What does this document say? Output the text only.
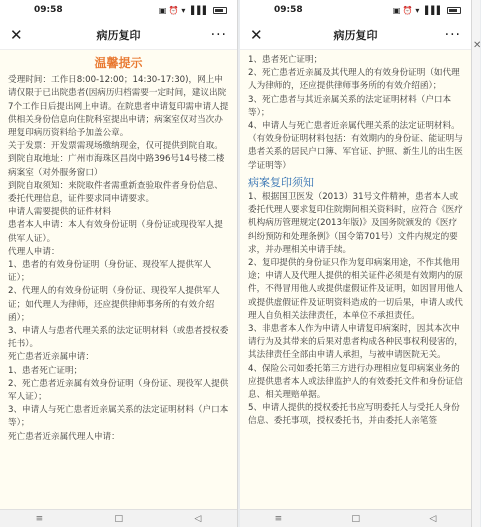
09:58	▣ ⏰ ▾ ▐▐ ▌
✕	病历复印	···
温馨提示

受理时间：工作日8:00-12:00；14:30-17:30)，网上申请仅限于已出院患者(因病历归档需要一定时间，建议出院7个工作日后提出网上申请。在院患者申请复印需申请人提供相关身份信息向住院科室提出申请；病案室仅对当次办理复印病历资料给予加盖公章。

关于发票：开发票需现场缴纳现金，仅可提供到院自取。

到院自取地址：广州市海珠区昌岗中路396号14号楼二楼病案室（对外服务窗口）

到院自取须知：来院取件者需重新查验取件者身份信息、委托代理信息，证件要求同申请要求。

申请人需要提供的证件材料

患者本人申请：本人有效身份证明（身份证或现役军人提供军人证）。

代理人申请：

1、患者的有效身份证明（身份证、现役军人提供军人证）；

2、代理人的有效身份证明（身份证、现役军人提供军人证；如代理人为律师，还应提供律师事务所的有效介绍函）；

3、申请人与患者代理关系的法定证明材料（或患者授权委托书）。

死亡患者近亲属申请：

1、患者死亡证明；

2、死亡患者近亲属有效身份证明（身份证、现役军人提供军人证）；

3、申请人与死亡患者近亲属关系的法定证明材料（户口本等）；

死亡患者近亲属代理人申请：

≡	□	◁
09:58	▣ ⏰ ▾ ▐▐ ▌
✕	病历复印	···

1、患者死亡证明；

2、死亡患者近亲属及其代理人的有效身份证明（如代理人为律师的，还应提供律师事务所的有效介绍函）；

3、死亡患者与其近亲属关系的法定证明材料（户口本等）；

4、申请人与死亡患者近亲属代理关系的法定证明材料。

（有效身份证明材料包括：有效期内的身份证、能证明与患者关系的居民户口簿、军官证、护照、新生儿的出生医学证明等）

病案复印须知

1、根据国卫医发（2013）31号文件精神，患者本人或委托代理人要求复印住院期间相关资料时，应符合《医疗机构病历管理规定(2013年版)》及国务院颁发的《医疗纠纷预防和处理条例》（国令第701号）文件内规定的要求，并办理相关申请手续。

2、复印提供的身份证只作为复印病案用途，不作其他用途；申请人及代理人提供的相关证件必须是有效期内的原件，不得冒用他人或提供虚假证件及证明，如因冒用他人或提供虚假证件及证明资料造成的一切后果，申请人或代理人自负相关法律责任，本单位不承担责任。

3、非患者本人作为申请人申请复印病案时，因其本次申请行为及其带来的后果对患者构成各种民事权利侵害的，其法律责任全部由申请人承担，与被申请医院无关。

4、保险公司如委托第三方进行办理相应复印病案业务的应提供患者本人或法律监护人的有效委托文件和身份证信息、相关理赔单据。

5、申请人提供的授权委托书应写明委托人与受托人身份信息、委托事项，授权委托书，并由委托人亲笔签

≡	□	◁
✕
